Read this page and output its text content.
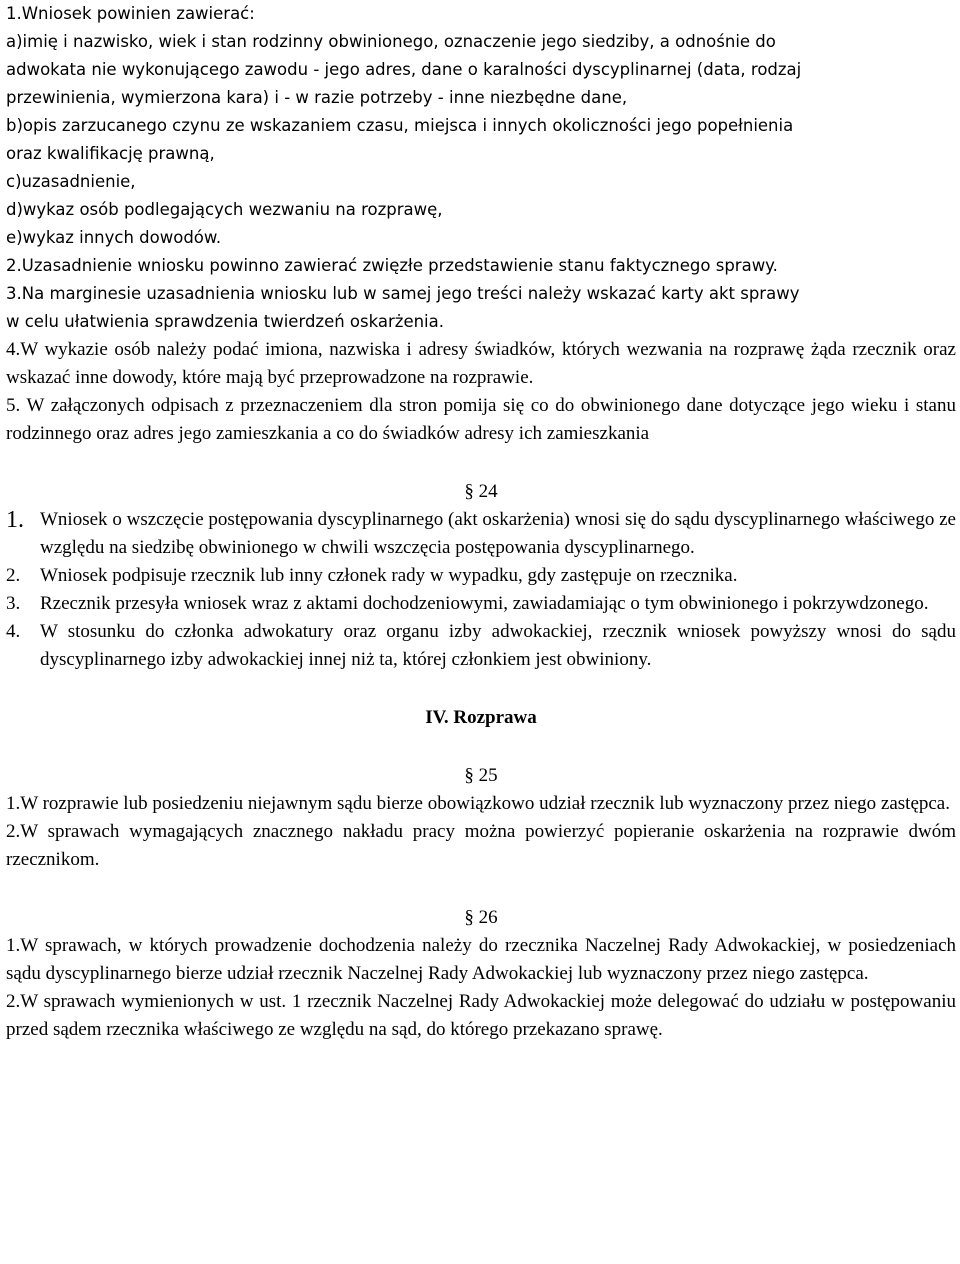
1.Wniosek powinien zawierać:

a)imię i nazwisko, wiek i stan rodzinny obwinionego, oznaczenie jego siedziby, a odnośnie do

adwokata nie wykonującego zawodu - jego adres, dane o karalności dyscyplinarnej (data, rodzaj

przewinienia, wymierzona kara) i - w razie potrzeby - inne niezbędne dane,

b)opis zarzucanego czynu ze wskazaniem czasu, miejsca i innych okoliczności jego popełnienia

oraz kwalifikację prawną,

c)uzasadnienie,

d)wykaz osób podlegających wezwaniu na rozprawę,

e)wykaz innych dowodów.

2.Uzasadnienie wniosku powinno zawierać zwięzłe przedstawienie stanu faktycznego sprawy.

3.Na marginesie uzasadnienia wniosku lub w samej jego treści należy wskazać karty akt sprawy

w celu ułatwienia sprawdzenia twierdzeń oskarżenia.

4.W wykazie osób należy podać imiona, nazwiska i adresy świadków, których wezwania na rozprawę żąda rzecznik oraz wskazać inne dowody, które mają być przeprowadzone na rozprawie.

5. W załączonych odpisach z przeznaczeniem dla stron pomija się co do obwinionego dane dotyczące jego wieku i stanu rodzinnego oraz adres jego zamieszkania a co do świadków adresy ich zamieszkania

§ 24

1. Wniosek o wszczęcie postępowania dyscyplinarnego (akt oskarżenia) wnosi się do sądu dyscyplinarnego właściwego ze względu na siedzibę obwinionego w chwili wszczęcia postępowania dyscyplinarnego.
2.	Wniosek podpisuje rzecznik lub inny członek rady w wypadku, gdy zastępuje on rzecznika.
3.	Rzecznik przesyła wniosek wraz z aktami dochodzeniowymi, zawiadamiając o tym obwinionego i pokrzywdzonego.
4.	W stosunku do członka adwokatury oraz organu izby adwokackiej, rzecznik wniosek powyższy wnosi do sądu dyscyplinarnego izby adwokackiej innej niż ta, której członkiem jest obwiniony.

IV. Rozprawa

§ 25

1.W rozprawie lub posiedzeniu niejawnym sądu bierze obowiązkowo udział rzecznik lub wyznaczony przez niego zastępca.

2.W sprawach wymagających znacznego nakładu pracy można powierzyć popieranie oskarżenia na rozprawie dwóm rzecznikom.

§ 26

1.W sprawach, w których prowadzenie dochodzenia należy do rzecznika Naczelnej Rady Adwokackiej, w posiedzeniach sądu dyscyplinarnego bierze udział rzecznik Naczelnej Rady Adwokackiej lub wyznaczony przez niego zastępca.

2.W sprawach wymienionych w ust. 1 rzecznik Naczelnej Rady Adwokackiej może delegować do udziału w postępowaniu przed sądem rzecznika właściwego ze względu na sąd, do którego przekazano sprawę.
